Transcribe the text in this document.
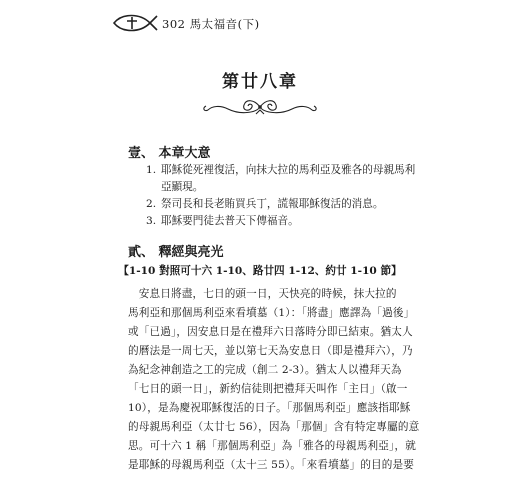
302 馬太福音(下)
第廿八章
壹、 本章大意
1. 耶穌從死裡復活，向抹大拉的馬利亞及雅各的母親馬利
亞顯現。
2. 祭司長和長老賄買兵丁，謊報耶穌復活的消息。
3. 耶穌要門徒去普天下傳福音。
貳、 釋經與亮光
【1-10 對照可十六 1-10、路廿四 1-12、約廿 1-10 節】
　安息日將盡，七日的頭一日，天快亮的時候，抹大拉的
馬利亞和那個馬利亞來看墳墓（1）：「將盡」應譯為「過後」
或「已過」，因安息日是在禮拜六日落時分即已結束。猶太人
的曆法是一周七天，並以第七天為安息日（即是禮拜六），乃
為紀念神創造之工的完成（創二 2-3）。猶太人以禮拜天為
「七日的頭一日」，新約信徒則把禮拜天叫作「主日」（啟一
10），是為慶祝耶穌復活的日子。「那個馬利亞」應該指耶穌
的母親馬利亞（太廿七 56），因為「那個」含有特定專屬的意
思。可十六 1 稱「那個馬利亞」為「雅各的母親馬利亞」，就
是耶穌的母親馬利亞（太十三 55）。「來看墳墓」的目的是要
